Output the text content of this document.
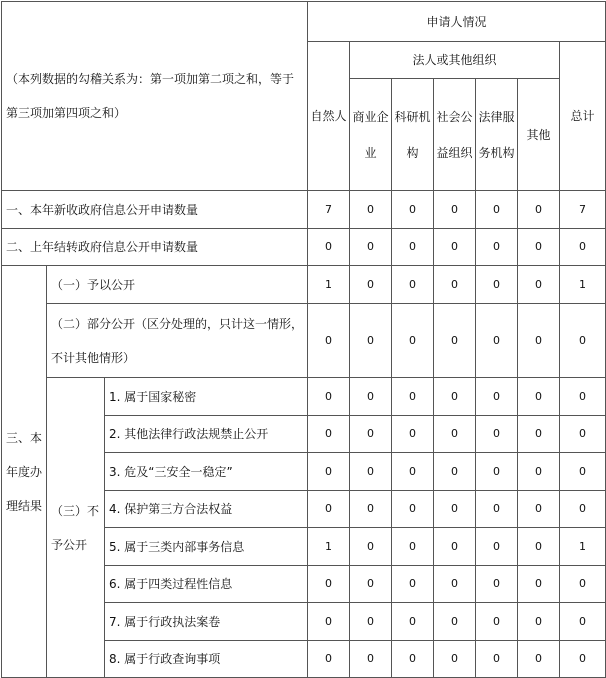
（本列数据的勾稽关系为：第一项加第二项之和，等于第三项加第四项之和）			申请人情况						
			自然人	法人或其他组织					总计
				商业企业	科研机构	社会公益组织	法律服务机构	其他	
一、本年新收政府信息公开申请数量			7	0	0	0	0	0	7
二、上年结转政府信息公开申请数量			0	0	0	0	0	0	0
三、本年度办理结果	（一）予以公开		1	0	0	0	0	0	1
	（二）部分公开（区分处理的，只计这一情形，不计其他情形）		0	0	0	0	0	0	0
	（三）不予公开	1. 属于国家秘密	0	0	0	0	0	0	0
		2. 其他法律行政法规禁止公开	0	0	0	0	0	0	0
		3. 危及“三安全一稳定”	0	0	0	0	0	0	0
		4. 保护第三方合法权益	0	0	0	0	0	0	0
		5. 属于三类内部事务信息	1	0	0	0	0	0	1
		6. 属于四类过程性信息	0	0	0	0	0	0	0
		7. 属于行政执法案卷	0	0	0	0	0	0	0
		8. 属于行政查询事项	0	0	0	0	0	0	0
